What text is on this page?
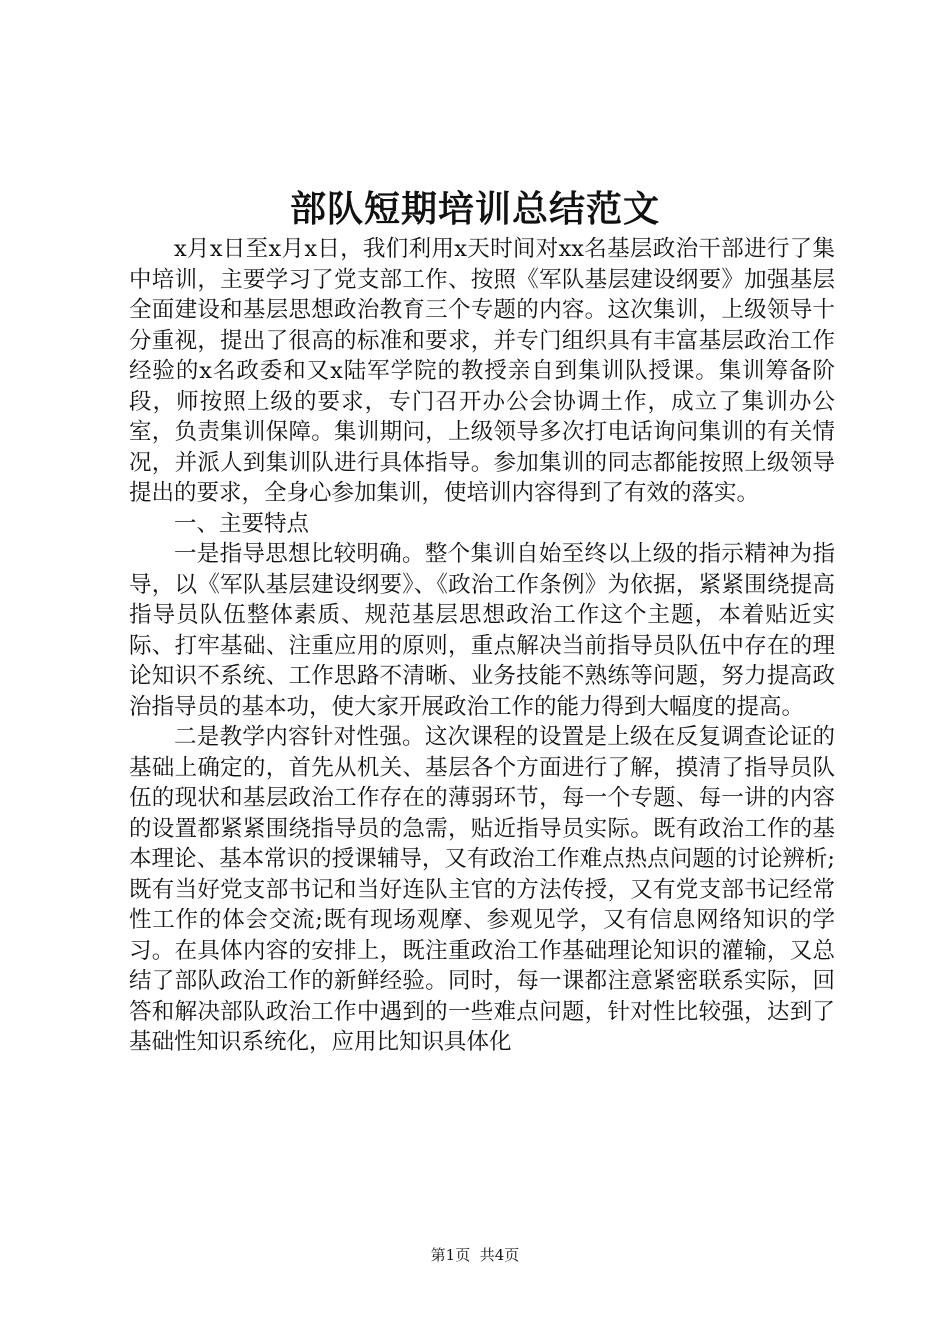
部队短期培训总结范文

x月x日至x月x日，我们利用x天时间对xx名基层政治干部进行了集中培训，主要学习了党支部工作、按照《军队基层建设纲要》加强基层全面建设和基层思想政治教育三个专题的内容。这次集训，上级领导十分重视，提出了很高的标准和要求，并专门组织具有丰富基层政治工作经验的x名政委和又x陆军学院的教授亲自到集训队授课。集训筹备阶段，师按照上级的要求，专门召开办公会协调土作，成立了集训办公室，负责集训保障。集训期问，上级领导多次打电话询问集训的有关情况，并派人到集训队进行具体指导。参加集训的同志都能按照上级领导提出的要求，全身心参加集训，使培训内容得到了有效的落实。

一、主要特点

一是指导思想比较明确。整个集训自始至终以上级的指示精神为指导，以《军队基层建设纲要》、《政治工作条例》为依据，紧紧围绕提高指导员队伍整体素质、规范基层思想政治工作这个主题，本着贴近实际、打牢基础、注重应用的原则，重点解决当前指导员队伍中存在的理论知识不系统、工作思路不清晰、业务技能不熟练等问题，努力提高政治指导员的基本功，使大家开展政治工作的能力得到大幅度的提高。

二是教学内容针对性强。这次课程的设置是上级在反复调查论证的基础上确定的，首先从机关、基层各个方面进行了解，摸清了指导员队伍的现状和基层政治工作存在的薄弱环节，每一个专题、每一讲的内容的设置都紧紧围绕指导员的急需，贴近指导员实际。既有政治工作的基本理论、基本常识的授课辅导，又有政治工作难点热点问题的讨论辨析;既有当好党支部书记和当好连队主官的方法传授，又有党支部书记经常性工作的体会交流;既有现场观摩、参观见学，又有信息网络知识的学习。在具体内容的安排上，既注重政治工作基础理论知识的灌输，又总结了部队政治工作的新鲜经验。同时，每一课都注意紧密联系实际，回答和解决部队政治工作中遇到的一些难点问题，针对性比较强，达到了基础性知识系统化，应用比知识具体化

第1页 共4页
